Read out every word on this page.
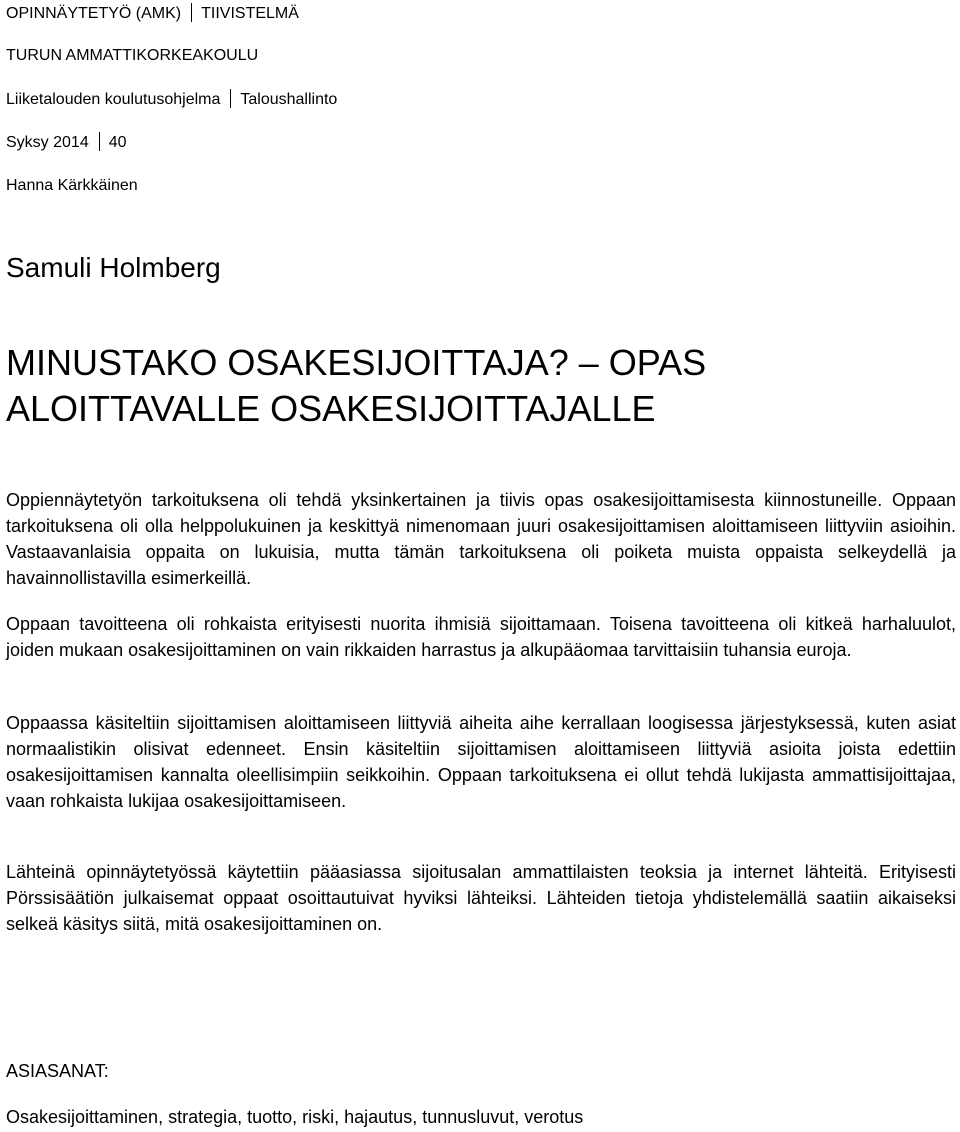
OPINNÄYTETYÖ (AMK) TIIVISTELMÄ
TURUN AMMATTIKORKEAKOULU
Liiketalouden koulutusohjelma Taloushallinto
Syksy 2014 40
Hanna Kärkkäinen
Samuli Holmberg
MINUSTAKO OSAKESIJOITTAJA? – OPAS
ALOITTAVALLE OSAKESIJOITTAJALLE

Oppiennäytetyön tarkoituksena oli tehdä yksinkertainen ja tiivis opas osakesijoittamisesta kiinnostuneille. Oppaan tarkoituksena oli olla helppolukuinen ja keskittyä nimenomaan juuri osakesijoittamisen aloittamiseen liittyviin asioihin. Vastaavanlaisia oppaita on lukuisia, mutta tämän tarkoituksena oli poiketa muista oppaista selkeydellä ja havainnollistavilla esimerkeillä.

Oppaan tavoitteena oli rohkaista erityisesti nuorita ihmisiä sijoittamaan. Toisena tavoitteena oli kitkeä harhaluulot, joiden mukaan osakesijoittaminen on vain rikkaiden harrastus ja alkupääomaa tarvittaisiin tuhansia euroja.

Oppaassa käsiteltiin sijoittamisen aloittamiseen liittyviä aiheita aihe kerrallaan loogisessa järjestyksessä, kuten asiat normaalistikin olisivat edenneet. Ensin käsiteltiin sijoittamisen aloittamiseen liittyviä asioita joista edettiin osakesijoittamisen kannalta oleellisimpiin seikkoihin. Oppaan tarkoituksena ei ollut tehdä lukijasta ammattisijoittajaa, vaan rohkaista lukijaa osakesijoittamiseen.

Lähteinä opinnäytetyössä käytettiin pääasiassa sijoitusalan ammattilaisten teoksia ja internet lähteitä. Erityisesti Pörssisäätiön julkaisemat oppaat osoittautuivat hyviksi lähteiksi. Lähteiden tietoja yhdistelemällä saatiin aikaiseksi selkeä käsitys siitä, mitä osakesijoittaminen on.

ASIASANAT:
Osakesijoittaminen, strategia, tuotto, riski, hajautus, tunnusluvut, verotus
